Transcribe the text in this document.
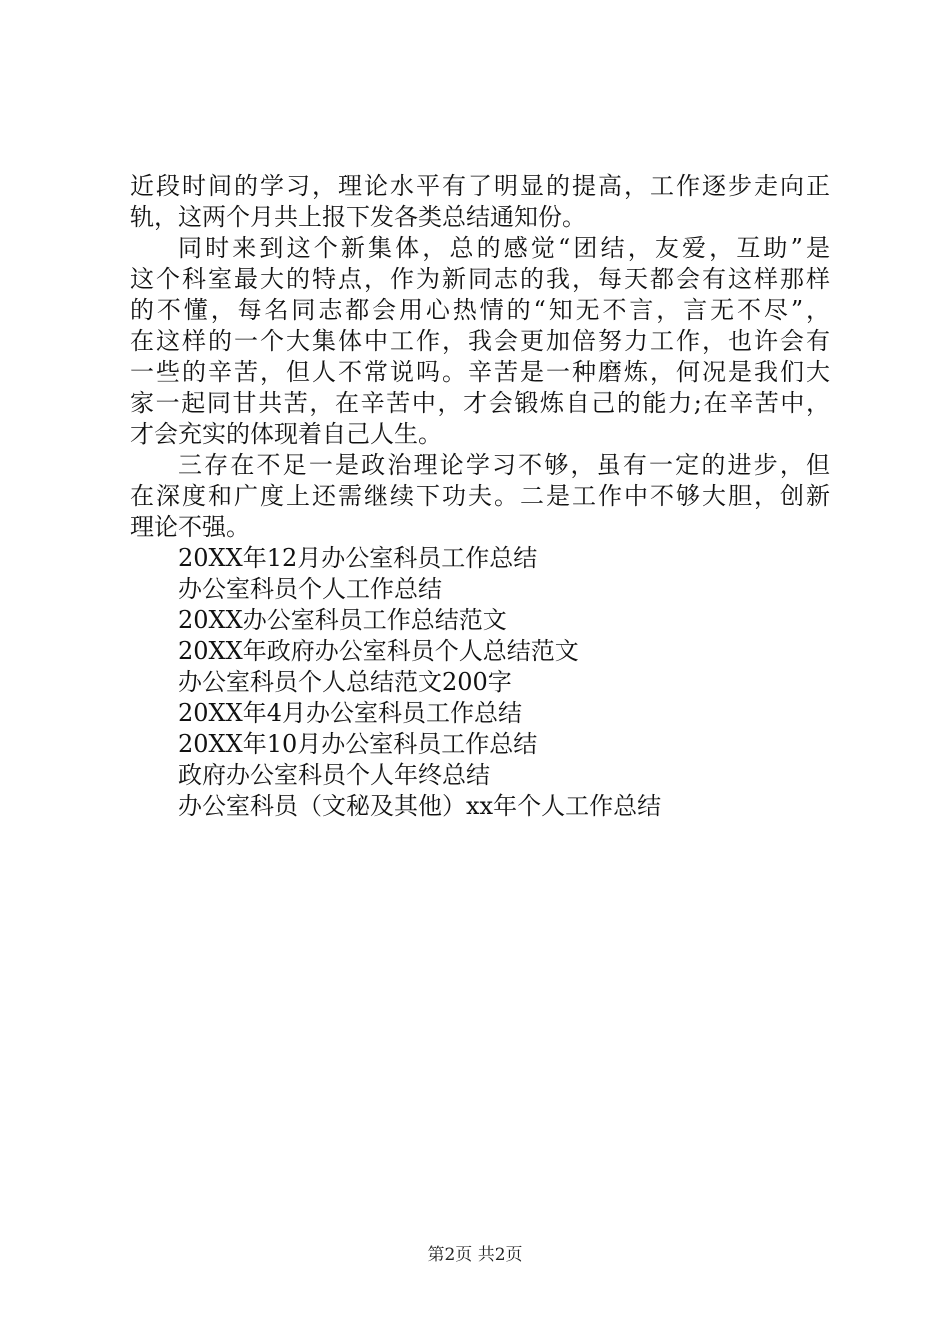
近段时间的学习，理论水平有了明显的提高，工作逐步走向正
轨，这两个月共上报下发各类总结通知份。
同时来到这个新集体，总的感觉“团结，友爱，互助”是
这个科室最大的特点，作为新同志的我，每天都会有这样那样
的不懂，每名同志都会用心热情的“知无不言，言无不尽”，
在这样的一个大集体中工作，我会更加倍努力工作，也许会有
一些的辛苦，但人不常说吗。辛苦是一种磨炼，何况是我们大
家一起同甘共苦，在辛苦中，才会锻炼自己的能力;在辛苦中，
才会充实的体现着自己人生。
三存在不足一是政治理论学习不够，虽有一定的进步，但
在深度和广度上还需继续下功夫。二是工作中不够大胆，创新
理论不强。
20XX年12月办公室科员工作总结
办公室科员个人工作总结
20XX办公室科员工作总结范文
20XX年政府办公室科员个人总结范文
办公室科员个人总结范文200字
20XX年4月办公室科员工作总结
20XX年10月办公室科员工作总结
政府办公室科员个人年终总结
办公室科员（文秘及其他）xx年个人工作总结
第2页 共2页
